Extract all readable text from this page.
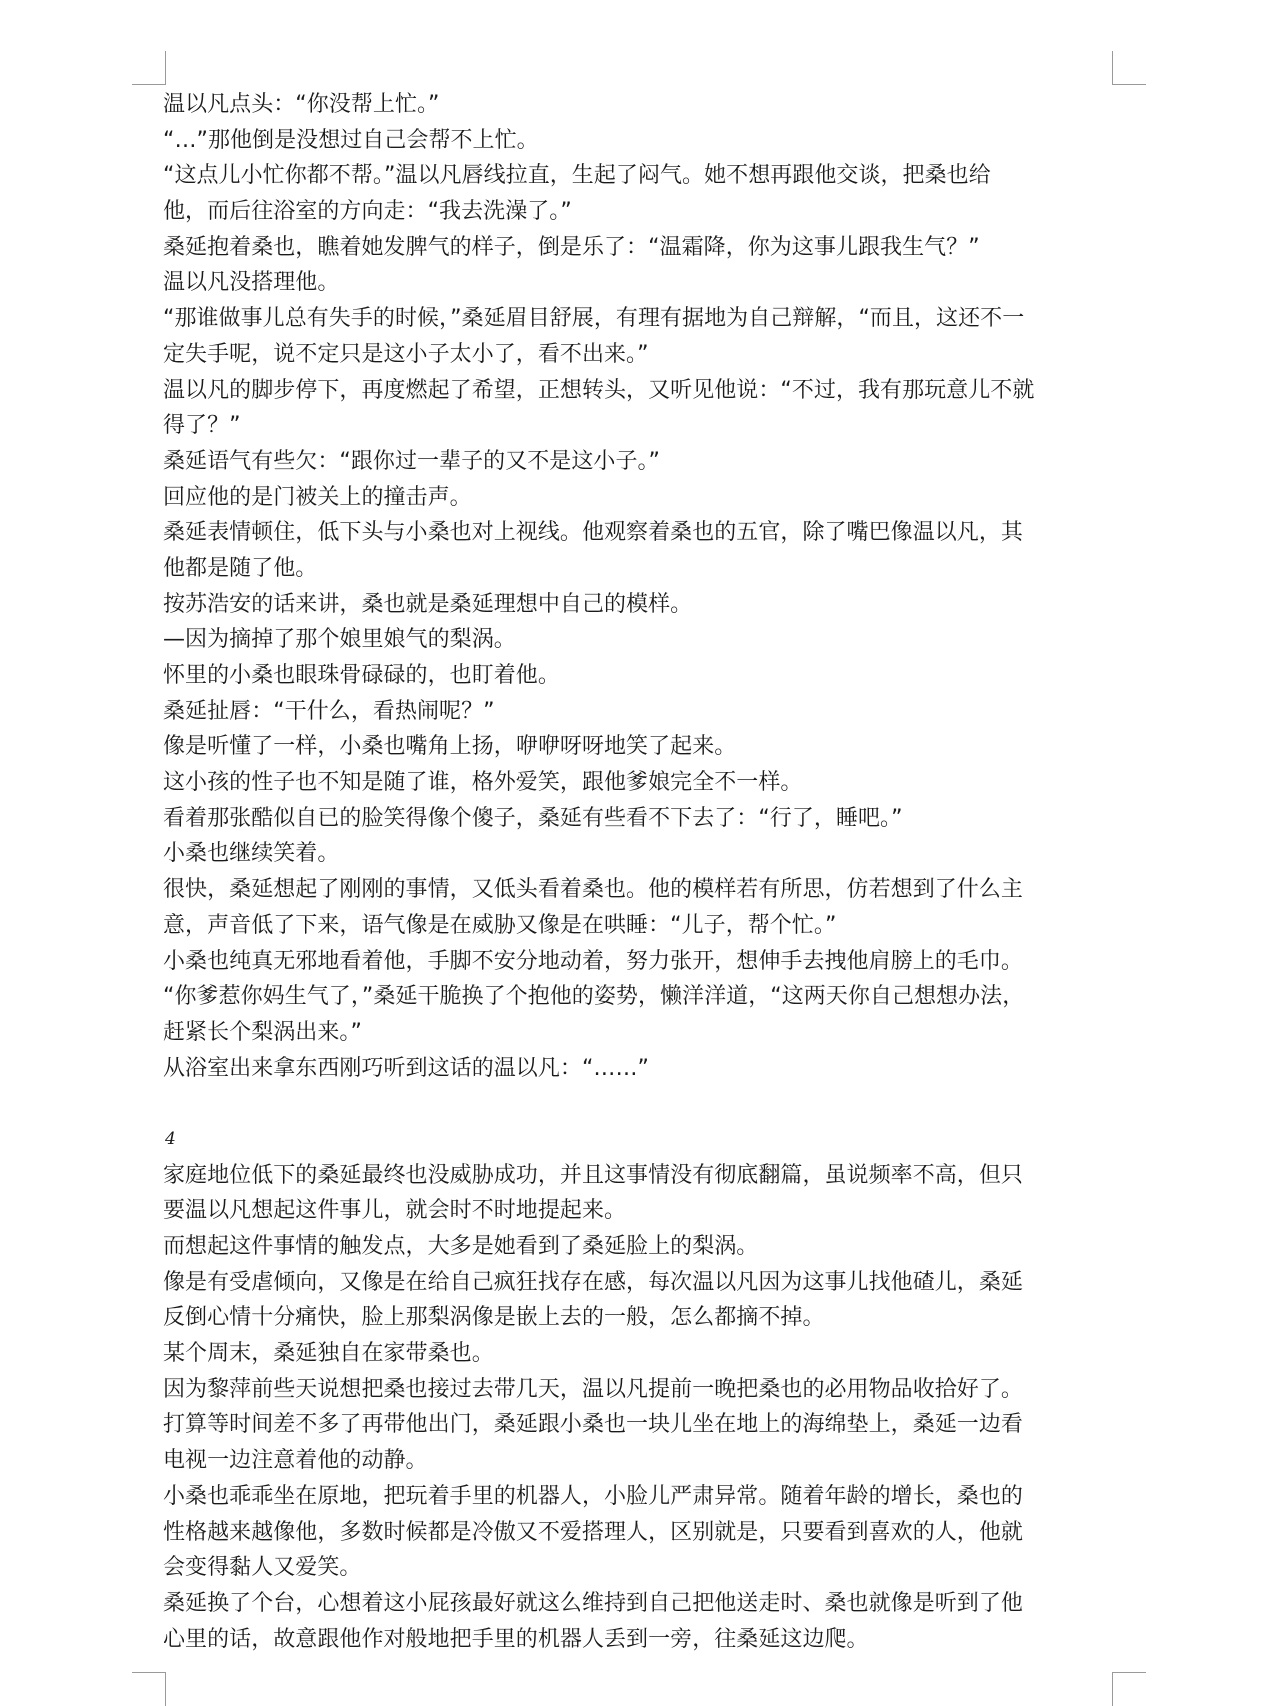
温以凡点头：“你没帮上忙。”
“…”那他倒是没想过自己会帮不上忙。
“这点儿小忙你都不帮。”温以凡唇线拉直，生起了闷气。她不想再跟他交谈，把桑也给
他，而后往浴室的方向走：“我去洗澡了。”
桑延抱着桑也，瞧着她发脾气的样子，倒是乐了：“温霜降，你为这事儿跟我生气？”
温以凡没搭理他。
“那谁做事儿总有失手的时候，”桑延眉目舒展，有理有据地为自己辩解，“而且，这还不一
定失手呢，说不定只是这小子太小了，看不出来。”
温以凡的脚步停下，再度燃起了希望，正想转头，又听见他说：“不过，我有那玩意儿不就
得了？”
桑延语气有些欠：“跟你过一辈子的又不是这小子。”
回应他的是门被关上的撞击声。
桑延表情顿住，低下头与小桑也对上视线。他观察着桑也的五官，除了嘴巴像温以凡，其
他都是随了他。
按苏浩安的话来讲，桑也就是桑延理想中自己的模样。
—因为摘掉了那个娘里娘气的梨涡。
怀里的小桑也眼珠骨碌碌的，也盯着他。
桑延扯唇：“干什么，看热闹呢？”
像是听懂了一样，小桑也嘴角上扬，咿咿呀呀地笑了起来。
这小孩的性子也不知是随了谁，格外爱笑，跟他爹娘完全不一样。
看着那张酷似自已的脸笑得像个傻子，桑延有些看不下去了：“行了，睡吧。”
小桑也继续笑着。
很快，桑延想起了刚刚的事情，又低头看着桑也。他的模样若有所思，仿若想到了什么主
意，声音低了下来，语气像是在威胁又像是在哄睡：“儿子，帮个忙。”
小桑也纯真无邪地看着他，手脚不安分地动着，努力张开，想伸手去拽他肩膀上的毛巾。
“你爹惹你妈生气了，”桑延干脆换了个抱他的姿势，懒洋洋道，“这两天你自己想想办法，
赶紧长个梨涡出来。”
从浴室出来拿东西刚巧听到这话的温以凡：“……”
4
家庭地位低下的桑延最终也没威胁成功，并且这事情没有彻底翻篇，虽说频率不高，但只
要温以凡想起这件事儿，就会时不时地提起来。
而想起这件事情的触发点，大多是她看到了桑延脸上的梨涡。
像是有受虐倾向，又像是在给自己疯狂找存在感，每次温以凡因为这事儿找他碴儿，桑延
反倒心情十分痛快，脸上那梨涡像是嵌上去的一般，怎么都摘不掉。
某个周末，桑延独自在家带桑也。
因为黎萍前些天说想把桑也接过去带几天，温以凡提前一晚把桑也的必用物品收拾好了。
打算等时间差不多了再带他出门，桑延跟小桑也一块儿坐在地上的海绵垫上，桑延一边看
电视一边注意着他的动静。
小桑也乖乖坐在原地，把玩着手里的机器人，小脸儿严肃异常。随着年龄的增长，桑也的
性格越来越像他，多数时候都是冷傲又不爱搭理人，区别就是，只要看到喜欢的人，他就
会变得黏人又爱笑。
桑延换了个台，心想着这小屁孩最好就这么维持到自己把他送走时、桑也就像是听到了他
心里的话，故意跟他作对般地把手里的机器人丢到一旁，往桑延这边爬。
